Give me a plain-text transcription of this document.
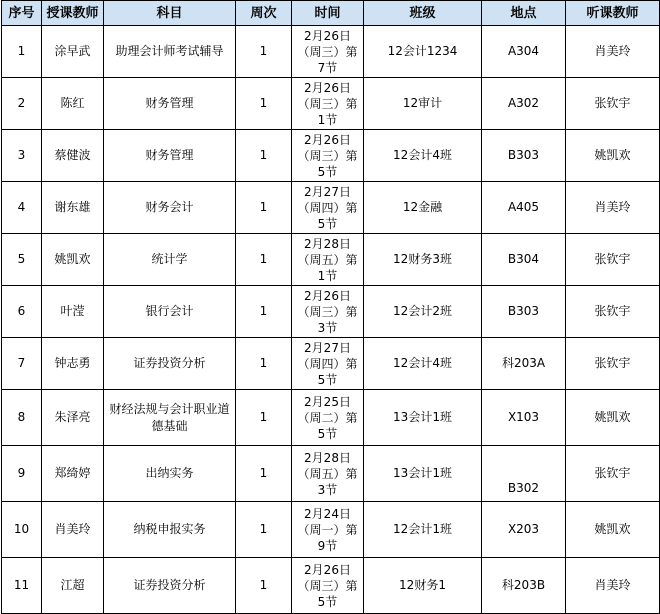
序号	授课教师	科目	周次	时间	班级	地点	听课教师
1	涂早武	助理会计师考试辅导	1	2月26日（周三）第7节	12会计1234	A304	肖美玲
2	陈红	财务管理	1	2月26日（周三）第1节	12审计	A302	张钦宇
3	蔡健波	财务管理	1	2月26日（周三）第5节	12会计4班	B303	姚凯欢
4	谢东雄	财务会计	1	2月27日（周四）第5节	12金融	A405	肖美玲
5	姚凯欢	统计学	1	2月28日（周五）第1节	12财务3班	B304	张钦宇
6	叶滢	银行会计	1	2月26日（周三）第3节	12会计2班	B303	张钦宇
7	钟志勇	证券投资分析	1	2月27日（周四）第5节	12会计4班	科203A	张钦宇
8	朱泽亮	财经法规与会计职业道德基础	1	2月25日（周二）第5节	13会计1班	X103	姚凯欢
9	郑绮婷	出纳实务	1	2月28日（周五）第3节	13会计1班	B302	张钦宇
10	肖美玲	纳税申报实务	1	2月24日（周一）第9节	12会计1班	X203	姚凯欢
11	江超	证券投资分析	1	2月26日（周三）第5节	12财务1	科203B	肖美玲
